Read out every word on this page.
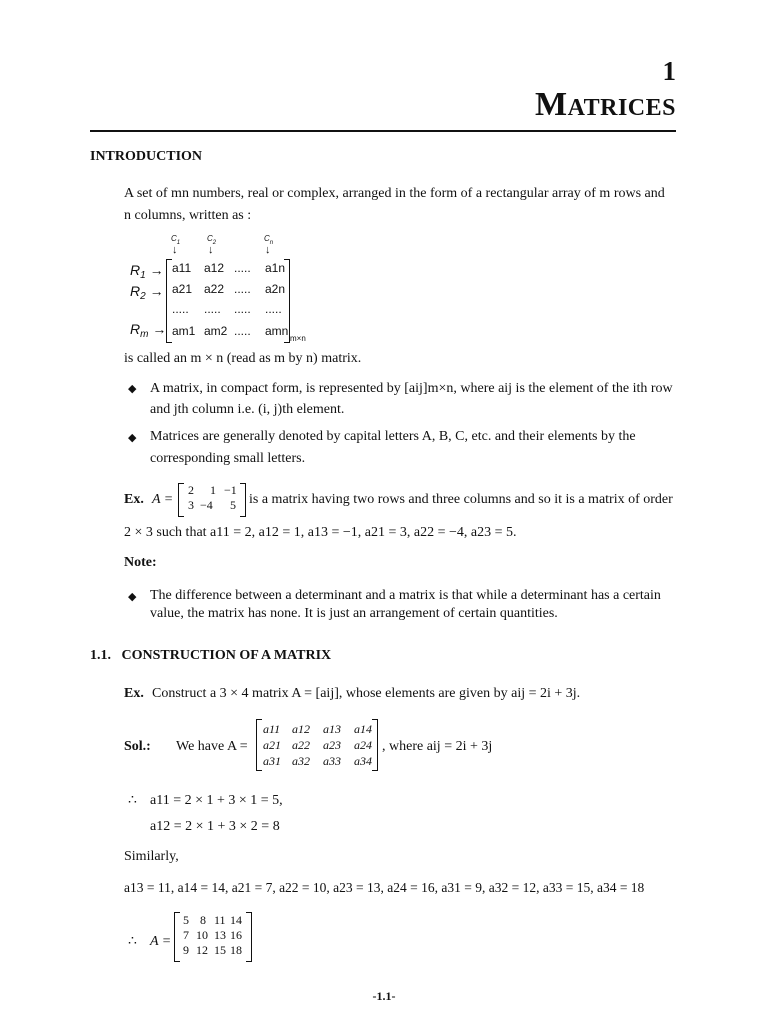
1
Matrices
INTRODUCTION
A set of mn numbers, real or complex, arranged in the form of a rectangular array of m rows and
n columns, written as :
$C_1$	$C_2$	$C_n$
↓	↓	↓
$R_1$ →
$R_2$ →
$R_m$ →
a11 a12 ..... a1n
a21 a22 ..... a2n
..... ..... ..... .....
am1 am2 ..... amn
m×n
is called an m × n (read as m by n) matrix.
◆ A matrix, in compact form, is represented by [aij]m×n, where aij is the element of the ith row
and jth column i.e. (i, j)th element.
◆ Matrices are generally denoted by capital letters A, B, C, etc. and their elements by the
corresponding small letters.
Ex. A =
2 1 −1
3 −4 5 is a matrix having two rows and three columns and so it is a matrix of order
2 × 3 such that a11 = 2, a12 = 1, a13 = −1, a21 = 3, a22 = −4, a23 = 5.
Note:
◆ The difference between a determinant and a matrix is that while a determinant has a certain
value, the matrix has none. It is just an arrangement of certain quantities.
1.1.   CONSTRUCTION OF A MATRIX
Ex. Construct a 3 × 4 matrix A = [aij], whose elements are given by aij = 2i + 3j.
Sol.: We have A =
a11 a12 a13 a14
a21 a22 a23 a24
a31 a32 a33 a34
, where aij = 2i + 3j
∴ a11 = 2 × 1 + 3 × 1 = 5,
a12 = 2 × 1 + 3 × 2 = 8
Similarly,
a13 = 11, a14 = 14, a21 = 7, a22 = 10, a23 = 13, a24 = 16, a31 = 9, a32 = 12, a33 = 15, a34 = 18
∴ A =
5 8 11 14
7 10 13 16
9 12 15 18
-1.1-
